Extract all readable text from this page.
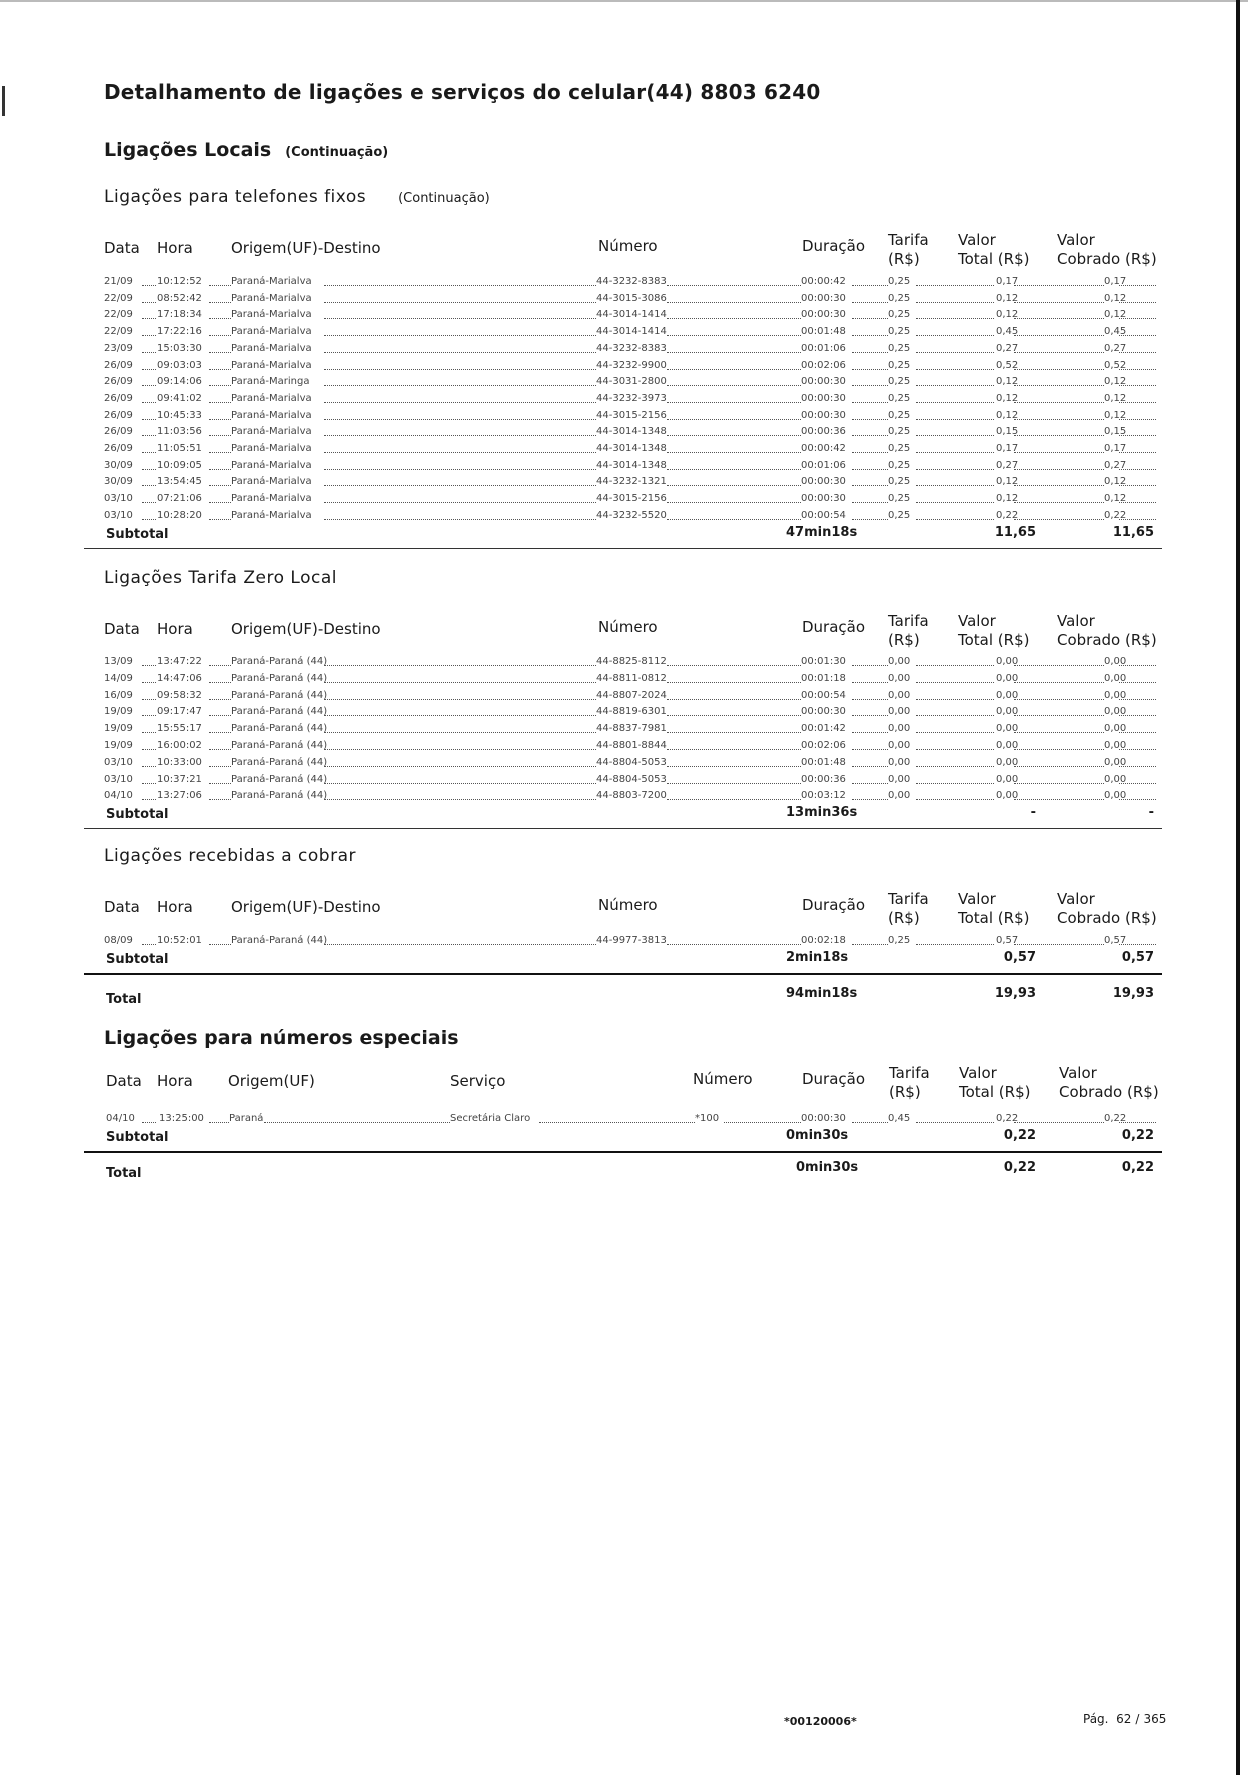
Detalhamento de ligações e serviços do celular(44) 8803 6240
Ligações Locais (Continuação)
Ligações para telefones fixos (Continuação)
Data Hora	Origem(UF)-Destino	Número	Duração Tarifa
(R$)
Valor
Total (R$)
Valor
Cobrado (R$)
21/09 10:12:52	Paraná-Marialva	44-3232-8383	00:00:42	0,25	0,17	0,17
22/09 08:52:42	Paraná-Marialva	44-3015-3086	00:00:30	0,25	0,12	0,12
22/09 17:18:34	Paraná-Marialva	44-3014-1414	00:00:30	0,25	0,12	0,12
22/09 17:22:16	Paraná-Marialva	44-3014-1414	00:01:48	0,25	0,45	0,45
23/09 15:03:30	Paraná-Marialva	44-3232-8383	00:01:06	0,25	0,27	0,27
26/09 09:03:03	Paraná-Marialva	44-3232-9900	00:02:06	0,25	0,52	0,52
26/09 09:14:06	Paraná-Maringa	44-3031-2800	00:00:30	0,25	0,12	0,12
26/09 09:41:02	Paraná-Marialva	44-3232-3973	00:00:30	0,25	0,12	0,12
26/09 10:45:33	Paraná-Marialva	44-3015-2156	00:00:30	0,25	0,12	0,12
26/09 11:03:56	Paraná-Marialva	44-3014-1348	00:00:36	0,25	0,15	0,15
26/09 11:05:51	Paraná-Marialva	44-3014-1348	00:00:42	0,25	0,17	0,17
30/09 10:09:05	Paraná-Marialva	44-3014-1348	00:01:06	0,25	0,27	0,27
30/09 13:54:45	Paraná-Marialva	44-3232-1321	00:00:30	0,25	0,12	0,12
03/10 07:21:06	Paraná-Marialva	44-3015-2156	00:00:30	0,25	0,12	0,12
03/10 10:28:20	Paraná-Marialva	44-3232-5520	00:00:54	0,25	0,22	0,22
Subtotal	47min18s	11,65	11,65
Ligações Tarifa Zero Local
Data Hora	Origem(UF)-Destino	Número	Duração Tarifa
(R$)
Valor
Total (R$)
Valor
Cobrado (R$)
13/09 13:47:22	Paraná-Paraná (44)	44-8825-8112	00:01:30	0,00	0,00	0,00
14/09 14:47:06	Paraná-Paraná (44)	44-8811-0812	00:01:18	0,00	0,00	0,00
16/09 09:58:32	Paraná-Paraná (44)	44-8807-2024	00:00:54	0,00	0,00	0,00
19/09 09:17:47	Paraná-Paraná (44)	44-8819-6301	00:00:30	0,00	0,00	0,00
19/09 15:55:17	Paraná-Paraná (44)	44-8837-7981	00:01:42	0,00	0,00	0,00
19/09 16:00:02	Paraná-Paraná (44)	44-8801-8844	00:02:06	0,00	0,00	0,00
03/10 10:33:00	Paraná-Paraná (44)	44-8804-5053	00:01:48	0,00	0,00	0,00
03/10 10:37:21	Paraná-Paraná (44)	44-8804-5053	00:00:36	0,00	0,00	0,00
04/10 13:27:06	Paraná-Paraná (44)	44-8803-7200	00:03:12	0,00	0,00	0,00
Subtotal	13min36s	-	-
Ligações recebidas a cobrar
Data Hora	Origem(UF)-Destino	Número	Duração Tarifa
(R$)
Valor
Total (R$)
Valor
Cobrado (R$)
08/09 10:52:01	Paraná-Paraná (44)	44-9977-3813	00:02:18	0,25	0,57	0,57
Subtotal	2min18s	0,57	0,57
Total	94min18s	19,93	19,93
Ligações para números especiais
Data Hora Origem(UF)	Número	Duração Tarifa
(R$)
Valor
Total (R$)
Valor
Cobrado (R$)
Serviço
04/10 13:25:00	Paraná	Secretária Claro	*100	00:00:30	0,45	0,22	0,22
Subtotal	0min30s	0,22	0,22
Total	0min30s	0,22	0,22
*00120006*	Pág. 62 / 365
